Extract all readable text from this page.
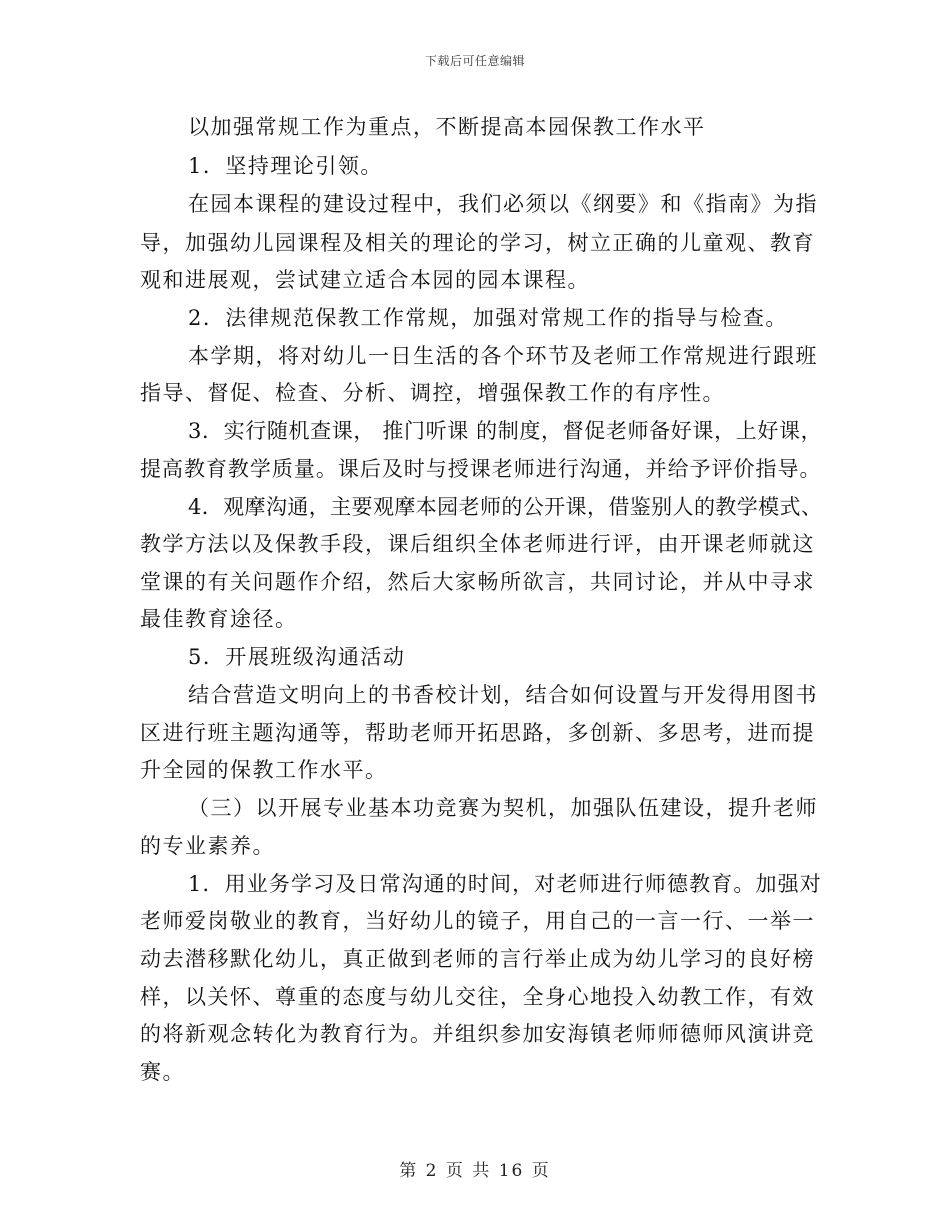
下载后可任意编辑
以加强常规工作为重点，不断提高本园保教工作水平
1．坚持理论引领。
在园本课程的建设过程中，我们必须以《纲要》和《指南》为指
导，加强幼儿园课程及相关的理论的学习，树立正确的儿童观、教育
观和进展观，尝试建立适合本园的园本课程。
2．法律规范保教工作常规，加强对常规工作的指导与检查。
本学期，将对幼儿一日生活的各个环节及老师工作常规进行跟班
指导、督促、检查、分析、调控，增强保教工作的有序性。
3．实行随机查课， 推门听课 的制度，督促老师备好课，上好课，
提高教育教学质量。课后及时与授课老师进行沟通，并给予评价指导。
4．观摩沟通，主要观摩本园老师的公开课，借鉴别人的教学模式、
教学方法以及保教手段，课后组织全体老师进行评，由开课老师就这
堂课的有关问题作介绍，然后大家畅所欲言，共同讨论，并从中寻求
最佳教育途径。
5．开展班级沟通活动
结合营造文明向上的书香校计划，结合如何设置与开发得用图书
区进行班主题沟通等，帮助老师开拓思路，多创新、多思考，进而提
升全园的保教工作水平。
（三）以开展专业基本功竞赛为契机，加强队伍建设，提升老师
的专业素养。
1．用业务学习及日常沟通的时间，对老师进行师德教育。加强对
老师爱岗敬业的教育，当好幼儿的镜子，用自己的一言一行、一举一
动去潜移默化幼儿，真正做到老师的言行举止成为幼儿学习的良好榜
样，以关怀、尊重的态度与幼儿交往，全身心地投入幼教工作，有效
的将新观念转化为教育行为。并组织参加安海镇老师师德师风演讲竞
赛。
第 2 页 共 16 页
